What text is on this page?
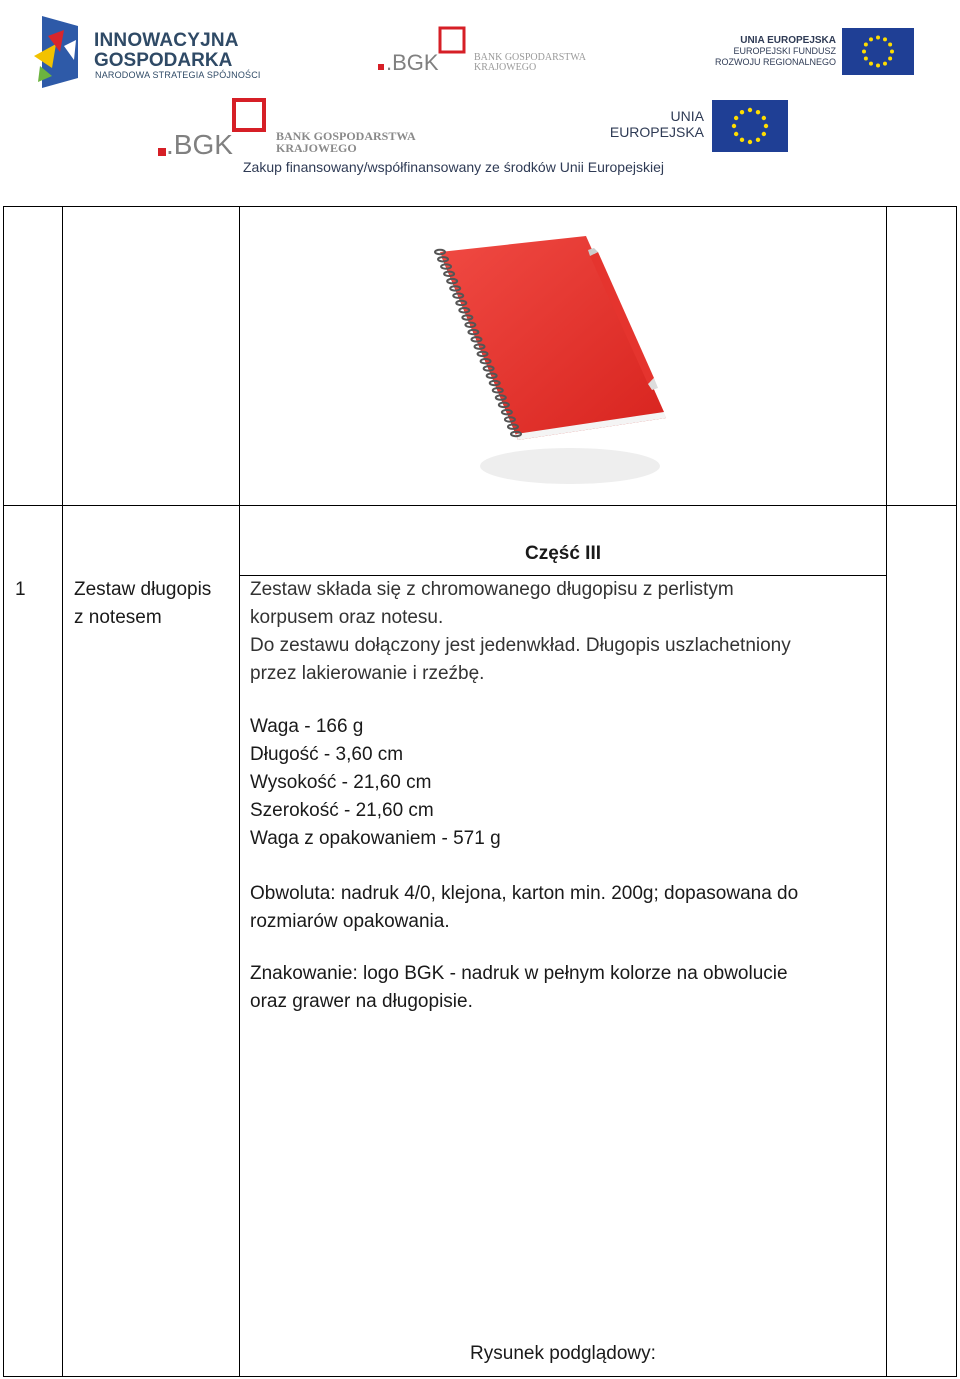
INNOWACYJNA
GOSPODARKA
NARODOWA STRATEGIA SPÓJNOŚCI	.BGK	BANK GOSPODARSTWA
KRAJOWEGO
UNIA EUROPEJSKA
EUROPEJSKI FUNDUSZ
ROZWOJU REGIONALNEGO
.BGK	BANK GOSPODARSTWA
KRAJOWEGO
UNIA
EUROPEJSKA
Zakup finansowany/współfinansowany ze środków Unii Europejskiej
1	Zestaw długopis
z notesem
Część III
Zestaw składa się z chromowanego długopisu z perlistym
korpusem oraz notesu.
Do zestawu dołączony jest jedenwkład. Długopis uszlachetniony
przez lakierowanie i rzeźbę.
Waga - 166 g
Długość - 3,60 cm
Wysokość - 21,60 cm
Szerokość - 21,60 cm
Waga z opakowaniem - 571 g
Obwoluta: nadruk 4/0, klejona, karton min. 200g; dopasowana do
rozmiarów opakowania.
Znakowanie: logo BGK - nadruk w pełnym kolorze na obwolucie
oraz grawer na długopisie.
Rysunek podglądowy:
